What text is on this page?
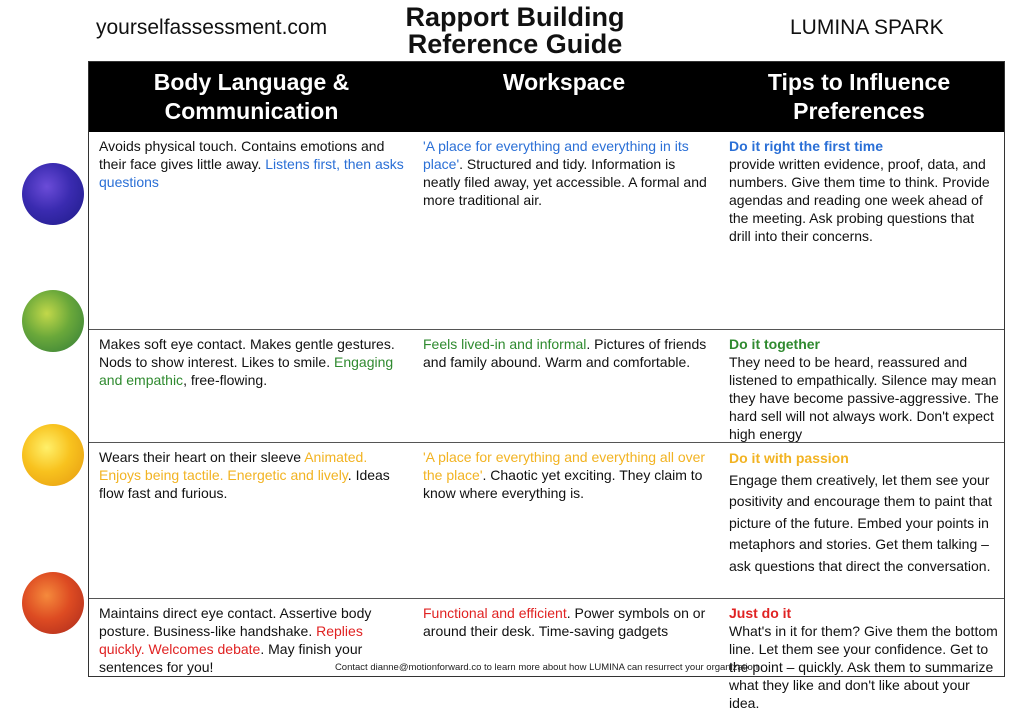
yourselfassessment.com	Rapport Building
Reference Guide
LUMINA SPARK
Body Language & Communication
Workspace	Tips to Influence Preferences
Avoids physical touch. Contains emotions and their face gives little away. Listens first, then asks questions
'A place for everything and everything in its place'. Structured and tidy. Information is neatly filed away, yet accessible. A formal and more traditional air.
Do it right the first time
provide written evidence, proof, data, and numbers. Give them time to think. Provide agendas and reading one week ahead of the meeting. Ask probing questions that drill into their concerns.
Makes soft eye contact. Makes gentle gestures. Nods to show interest. Likes to smile. Engaging and empathic, free-flowing.
Feels lived-in and informal. Pictures of friends and family abound. Warm and comfortable.
Do it together
They need to be heard, reassured and listened to empathically. Silence may mean they have become passive-aggressive. The hard sell will not always work. Don't expect high energy
Wears their heart on their sleeve Animated. Enjoys being tactile. Energetic and lively. Ideas flow fast and furious.
'A place for everything and everything all over the place'. Chaotic yet exciting. They claim to know where everything is.
Do it with passion
Engage them creatively, let them see your positivity and encourage them to paint that picture of the future. Embed your points in metaphors and stories. Get them talking – ask questions that direct the conversation.
Maintains direct eye contact. Assertive body posture. Business-like handshake. Replies quickly. Welcomes debate. May finish your sentences for you!
Functional and efficient. Power symbols on or around their desk. Time-saving gadgets
Just do it
What's in it for them? Give them the bottom line. Let them see your confidence. Get to the point – quickly. Ask them to summarize what they like and don't like about your idea.
Contact dianne@motionforward.co to learn more about how LUMINA can resurrect your organization
